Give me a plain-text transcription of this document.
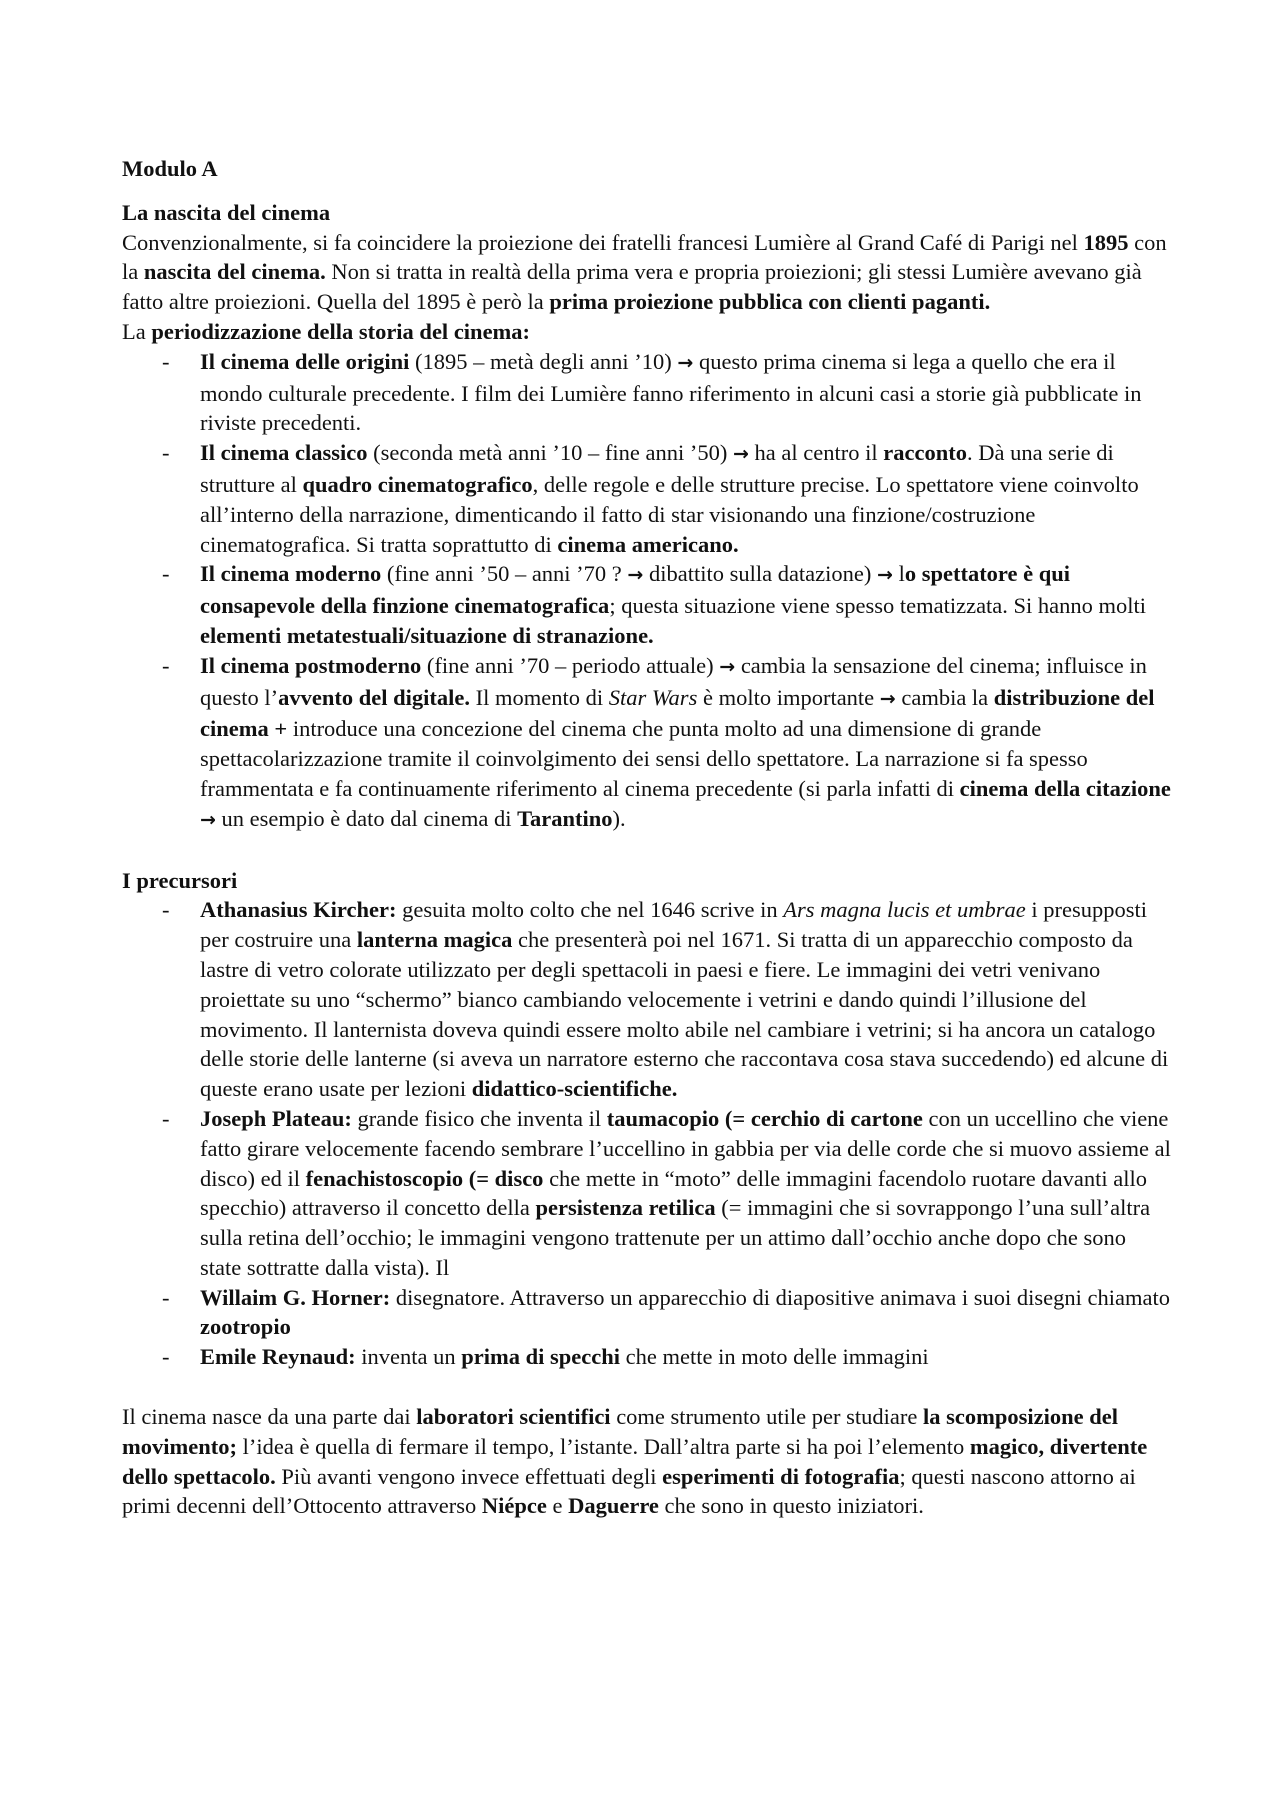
Modulo A

La nascita del cinema

Convenzionalmente, si fa coincidere la proiezione dei fratelli francesi Lumière al Grand Café di Parigi nel 1895 con la nascita del cinema. Non si tratta in realtà della prima vera e propria proiezioni; gli stessi Lumière avevano già fatto altre proiezioni. Quella del 1895 è però la prima proiezione pubblica con clienti paganti.

La periodizzazione della storia del cinema:

- Il cinema delle origini (1895 – metà degli anni ’10) → questo prima cinema si lega a quello che era il mondo culturale precedente. I film dei Lumière fanno riferimento in alcuni casi a storie già pubblicate in riviste precedenti.
- Il cinema classico (seconda metà anni ’10 – fine anni ’50) → ha al centro il racconto. Dà una serie di strutture al quadro cinematografico, delle regole e delle strutture precise. Lo spettatore viene coinvolto all’interno della narrazione, dimenticando il fatto di star visionando una finzione/costruzione cinematografica. Si tratta soprattutto di cinema americano.
- Il cinema moderno (fine anni ’50 – anni ’70 ? → dibattito sulla datazione) → lo spettatore è qui consapevole della finzione cinematografica; questa situazione viene spesso tematizzata. Si hanno molti elementi metatestuali/situazione di stranazione.
- Il cinema postmoderno (fine anni ’70 – periodo attuale) → cambia la sensazione del cinema; influisce in questo l’avvento del digitale. Il momento di Star Wars è molto importante → cambia la distribuzione del cinema + introduce una concezione del cinema che punta molto ad una dimensione di grande spettacolarizzazione tramite il coinvolgimento dei sensi dello spettatore. La narrazione si fa spesso frammentata e fa continuamente riferimento al cinema precedente (si parla infatti di cinema della citazione → un esempio è dato dal cinema di Tarantino).

I precursori

- Athanasius Kircher: gesuita molto colto che nel 1646 scrive in Ars magna lucis et umbrae i presupposti per costruire una lanterna magica che presenterà poi nel 1671. Si tratta di un apparecchio composto da lastre di vetro colorate utilizzato per degli spettacoli in paesi e fiere. Le immagini dei vetri venivano proiettate su uno “schermo” bianco cambiando velocemente i vetrini e dando quindi l’illusione del movimento. Il lanternista doveva quindi essere molto abile nel cambiare i vetrini; si ha ancora un catalogo delle storie delle lanterne (si aveva un narratore esterno che raccontava cosa stava succedendo) ed alcune di queste erano usate per lezioni didattico-scientifiche.
- Joseph Plateau: grande fisico che inventa il taumacopio (= cerchio di cartone con un uccellino che viene fatto girare velocemente facendo sembrare l’uccellino in gabbia per via delle corde che si muovo assieme al disco) ed il fenachistoscopio (= disco che mette in “moto” delle immagini facendolo ruotare davanti allo specchio) attraverso il concetto della persistenza retilica (= immagini che si sovrappongo l’una sull’altra sulla retina dell’occhio; le immagini vengono trattenute per un attimo dall’occhio anche dopo che sono state sottratte dalla vista). Il
- Willaim G. Horner: disegnatore. Attraverso un apparecchio di diapositive animava i suoi disegni chiamato zootropio
- Emile Reynaud: inventa un prima di specchi che mette in moto delle immagini

Il cinema nasce da una parte dai laboratori scientifici come strumento utile per studiare la scomposizione del movimento; l’idea è quella di fermare il tempo, l’istante. Dall’altra parte si ha poi l’elemento magico, divertente dello spettacolo. Più avanti vengono invece effettuati degli esperimenti di fotografia; questi nascono attorno ai primi decenni dell’Ottocento attraverso Niépce e Daguerre che sono in questo iniziatori.
